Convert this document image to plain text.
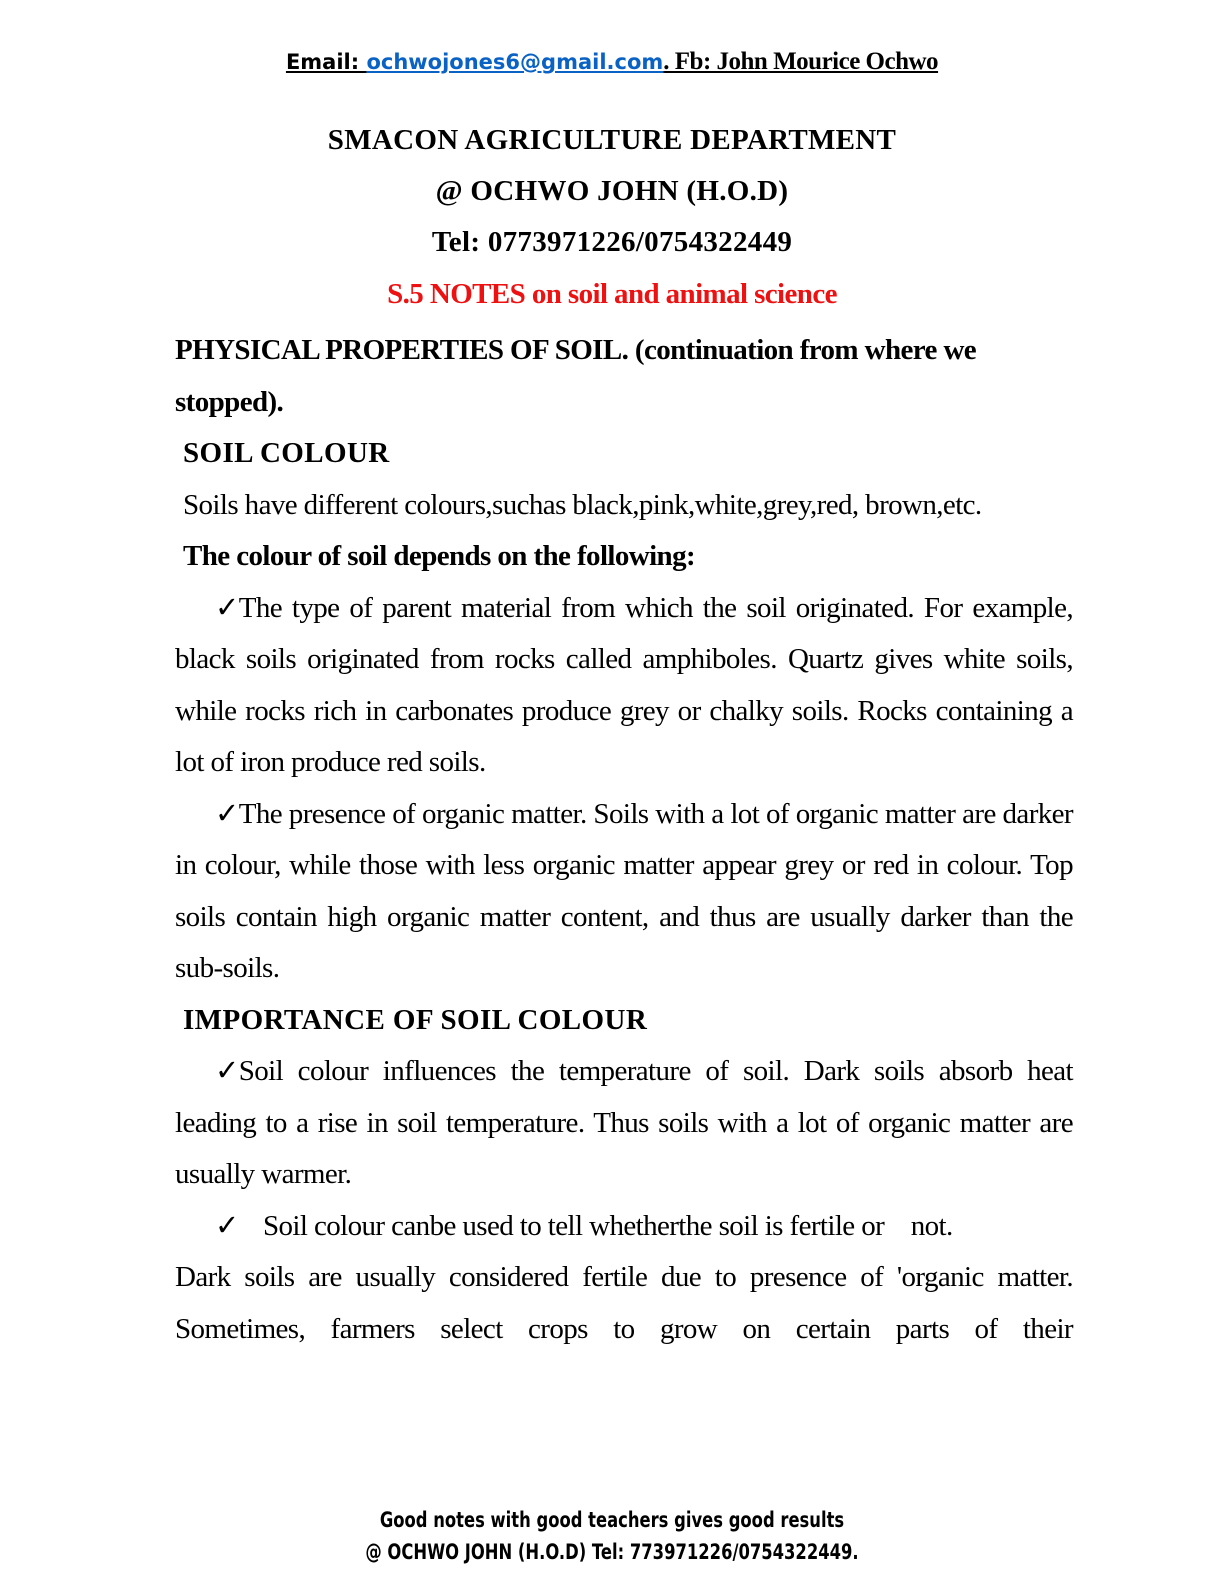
Email: ochwojones6@gmail.com. Fb: John Mourice Ochwo
SMACON AGRICULTURE DEPARTMENT
@ OCHWO JOHN (H.O.D)
Tel: 0773971226/0754322449
S.5 NOTES on soil and animal science

PHYSICAL PROPERTIES OF SOIL. (continuation from where we stopped).

SOIL COLOUR

Soils have different colours,suchas black,pink,white,grey,red, brown,etc.

The colour of soil depends on the following:

✓The type of parent material from which the soil originated. For example, black soils originated from rocks called amphiboles. Quartz gives white soils, while rocks rich in carbonates produce grey or chalky soils. Rocks containing a lot of iron produce red soils.

✓The presence of organic matter. Soils with a lot of organic matter are darker in colour, while those with less organic matter appear grey or red in colour. Top soils contain high organic matter content, and thus are usually darker than the sub-soils.

IMPORTANCE OF SOIL COLOUR

✓Soil colour influences the temperature of soil. Dark soils absorb heat leading to a rise in soil temperature. Thus soils with a lot of organic matter are usually warmer.

✓ Soil colour canbe used to tell whetherthe soil is fertile or    not.

Dark soils are usually considered fertile due to presence of 'organic matter. Sometimes, farmers select crops to grow on certain parts of their

Good notes with good teachers gives good results
@ OCHWO JOHN (H.O.D) Tel: 773971226/0754322449.
